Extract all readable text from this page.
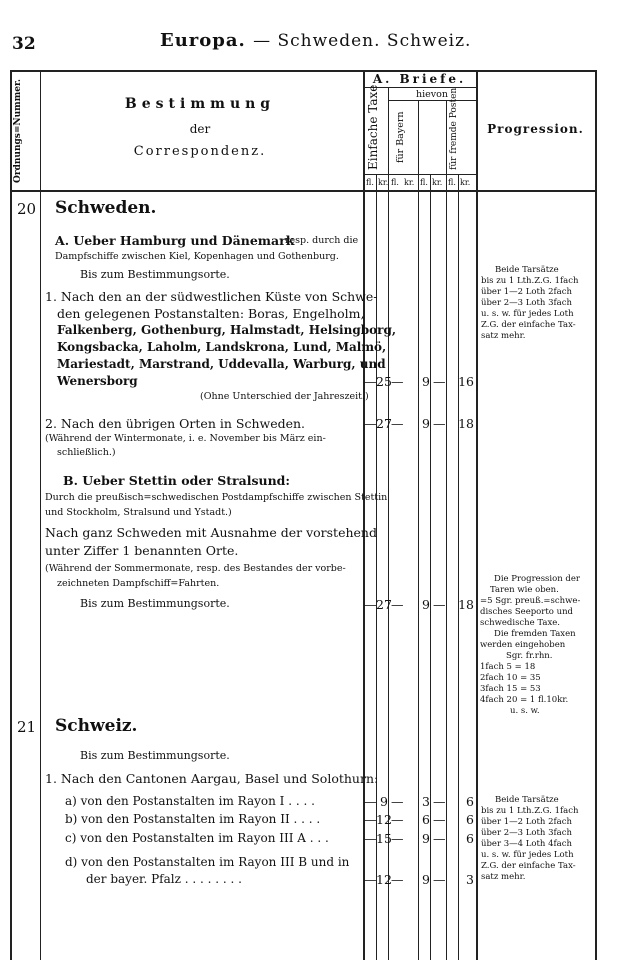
32	Europa. — Schweden. Schweiz.
Ordnungs=Nummer.	Bestimmung
der
Correspondenz.
A. Briefe.
Einfache Taxe	hievon
für Bayern	für fremde Posten	Progression.
fl. kr. fl. kr. fl. kr. fl. kr.
20 Schweden.
A. Ueber Hamburg und Dänemark
resp. durch die
Dampfschiffe zwischen Kiel, Kopenhagen und Gothenburg.
Bis zum Bestimmungsorte.
1. Nach den an der südwestlichen Küste von Schwe-
den gelegenen Postanstalten: Boras, Engelholm,
Falkenberg, Gothenburg, Halmstadt, Helsingborg,
Kongsbacka, Laholm, Landskrona, Lund, Malmö,
Mariestadt, Marstrand, Uddevalla, Warburg, und
Wenersborg
(Ohne Unterschied der Jahreszeit.)
— 25 —	9 — 16
2. Nach den übrigen Orten in Schweden.
(Während der Wintermonate, i. e. November bis März ein-
schließlich.)
— 27 —	9 — 18
B. Ueber Stettin oder Stralsund:
Durch die preußisch=schwedischen Postdampfschiffe zwischen Stettin
und Stockholm, Stralsund und Ystadt.)
Nach ganz Schweden mit Ausnahme der vorstehend
unter Ziffer 1 benannten Orte.
(Während der Sommermonate, resp. des Bestandes der vorbe-
zeichneten Dampfschiff=Fahrten.
Bis zum Bestimmungsorte.	— 27 —	9 — 18
21 Schweiz.
Bis zum Bestimmungsorte.
1. Nach den Cantonen Aargau, Basel und Solothurn:
a) von den Postanstalten im Rayon I . . . .	— 9 —	3 —	6
b) von den Postanstalten im Rayon II . . . .	— 12 —	6 —	6
c) von den Postanstalten im Rayon III A . . .	— 15 —	9 —	6
d) von den Postanstalten im Rayon III B und in
der bayer. Pfalz . . . . . . . .	— 12 —	9 —	3
Beide Tarsätze
bis zu 1 Lth.Z.G. 1fach
über 1—2 Loth 2fach
über 2—3 Loth 3fach
u. s. w. für jedes Loth
Z.G. der einfache Tax-
satz mehr.
Die Progression der
Taren wie oben.
=5 Sgr. preuß.=schwe-
disches Seeporto und
schwedische Taxe.
Die fremden Taxen
werden eingehoben
Sgr. fr.rhn.
1fach 5 = 18
2fach 10 = 35
3fach 15 = 53
4fach 20 = 1 fl.10kr.
u. s. w.
Beide Tarsätze
bis zu 1 Lth.Z.G. 1fach
über 1—2 Loth 2fach
über 2—3 Loth 3fach
über 3—4 Loth 4fach
u. s. w. für jedes Loth
Z.G. der einfache Tax-
satz mehr.
